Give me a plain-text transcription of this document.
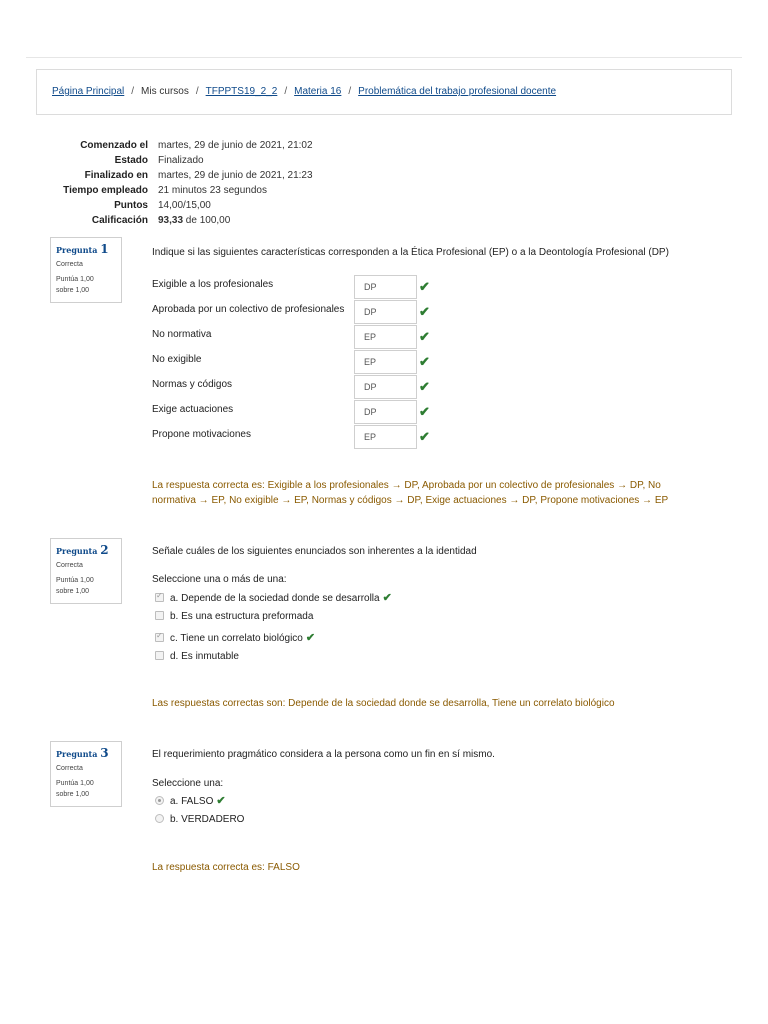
Página Principal / Mis cursos / TFPPTS19_2_2 / Materia 16 / Problemática del trabajo profesional docente
Comenzado el	martes, 29 de junio de 2021, 21:02
Estado	Finalizado
Finalizado en	martes, 29 de junio de 2021, 21:23
Tiempo empleado	21 minutos 23 segundos
Puntos	14,00/15,00
Calificación	93,33 de 100,00
Pregunta 1
Correcta
Puntúa 1,00
sobre 1,00
Indique si las siguientes características corresponden a la Ética Profesional (EP) o a la Deontología Profesional (DP)
Exigible a los profesionales	DP	✔
Aprobada por un colectivo de profesionales	DP	✔
No normativa	EP	✔
No exigible	EP	✔
Normas y códigos	DP	✔
Exige actuaciones	DP	✔
Propone motivaciones	EP	✔
La respuesta correcta es: Exigible a los profesionales → DP, Aprobada por un colectivo de profesionales → DP, No normativa → EP, No exigible → EP, Normas y códigos → DP, Exige actuaciones → DP, Propone motivaciones → EP
Pregunta 2
Correcta
Puntúa 1,00
sobre 1,00
Señale cuáles de los siguientes enunciados son inherentes a la identidad
Seleccione una o más de una:
✓a. Depende de la sociedad donde se desarrolla ✔
b. Es una estructura preformada
✓c. Tiene un correlato biológico ✔
d. Es inmutable
Las respuestas correctas son: Depende de la sociedad donde se desarrolla, Tiene un correlato biológico
Pregunta 3
Correcta
Puntúa 1,00
sobre 1,00
El requerimiento pragmático considera a la persona como un fin en sí mismo.
Seleccione una:
a. FALSO ✔
b. VERDADERO
La respuesta correcta es: FALSO
